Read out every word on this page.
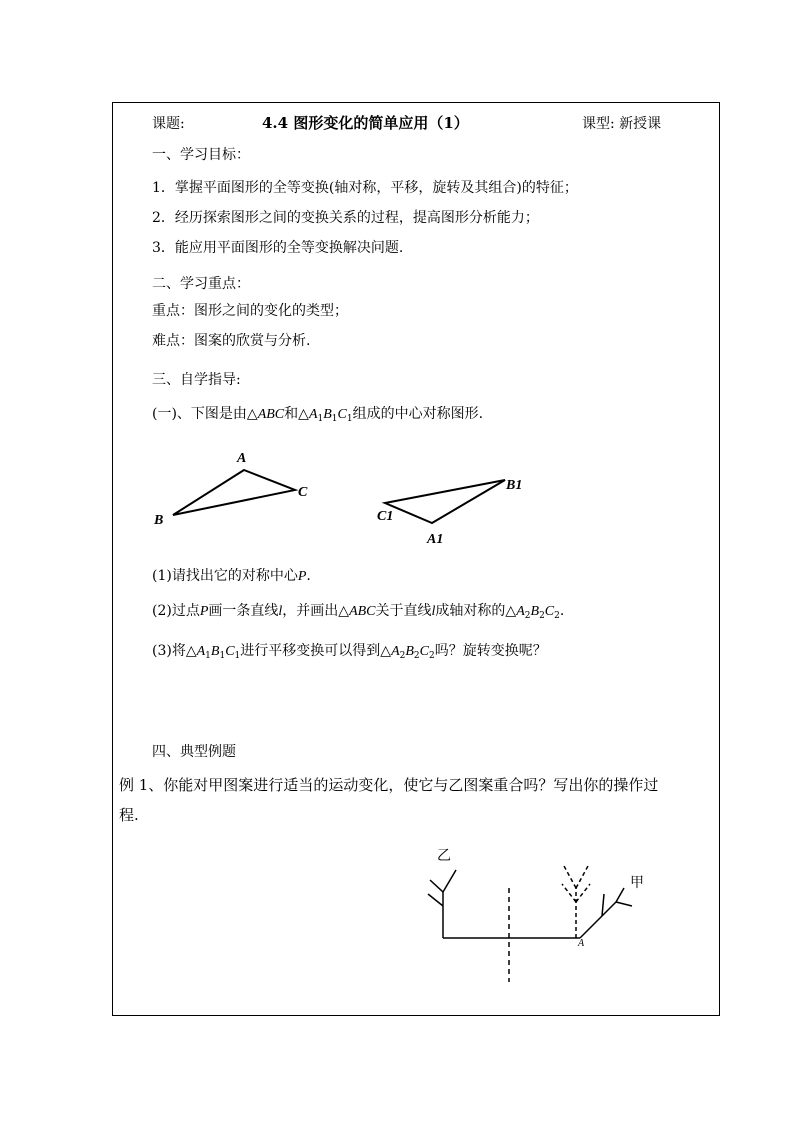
课题:	4.4 图形变化的简单应用（1）	课型: 新授课
一、学习目标：
1．掌握平面图形的全等变换(轴对称，平移，旋转及其组合)的特征；
2．经历探索图形之间的变换关系的过程，提高图形分析能力；
3．能应用平面图形的全等变换解决问题.
二、学习重点：
重点：图形之间的变化的类型；
难点：图案的欣赏与分析.
三、自学指导:
(一)、下图是由△ABC和$\triangle A_1B_1C_1$组成的中心对称图形.
A
B
C	B1
C1
A1
(1)请找出它的对称中心P.
(2)过点P画一条直线l，并画出△ABC关于直线l成轴对称的$\triangle A_2B_2C_2$.
(3)将$\triangle A_1B_1C_1$进行平移变换可以得到$\triangle A_2B_2C_2$吗？旋转变换呢？
四、典型例题
例 1、你能对甲图案进行适当的运动变化，使它与乙图案重合吗？写出你的操作过
程.
乙
甲
A
